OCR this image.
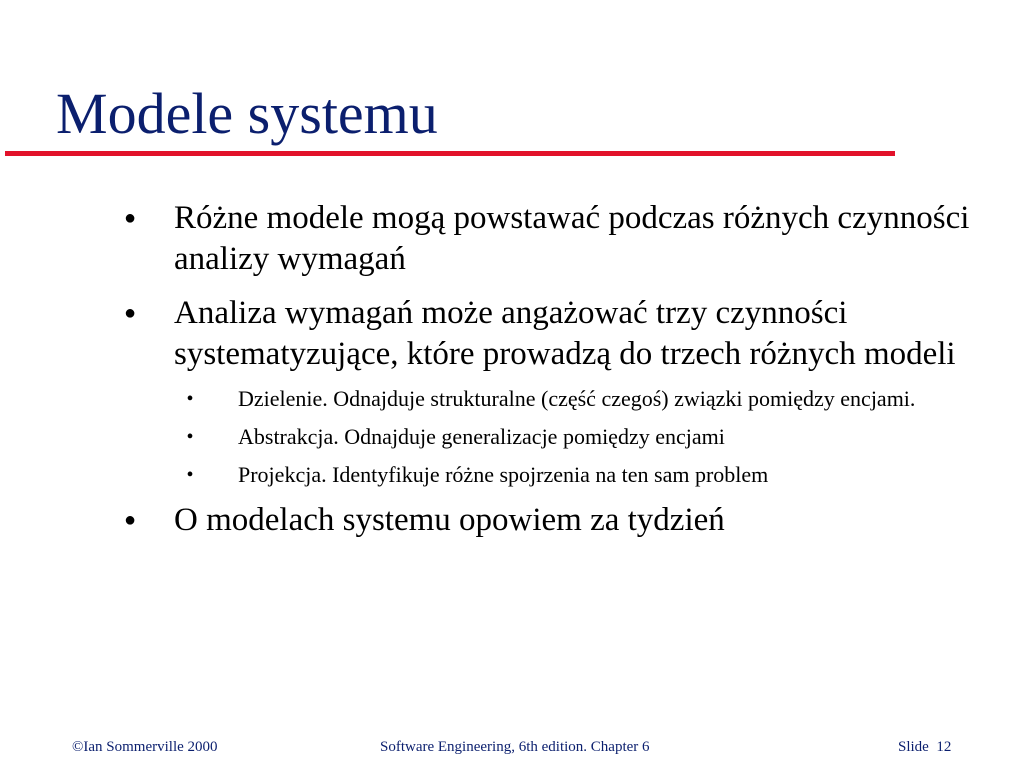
Modele systemu
●
Różne modele mogą powstawać podczas różnych czynności analizy wymagań
●
Analiza wymagań może angażować trzy czynności systematyzujące, które prowadzą do trzech różnych modeli
•
Dzielenie. Odnajduje strukturalne (część czegoś) związki pomiędzy encjami.
•
Abstrakcja. Odnajduje generalizacje pomiędzy encjami
•
Projekcja. Identyfikuje różne spojrzenia na ten sam problem
●
O modelach systemu opowiem za tydzień
©Ian Sommerville 2000	Software Engineering, 6th edition. Chapter 6	Slide 12
